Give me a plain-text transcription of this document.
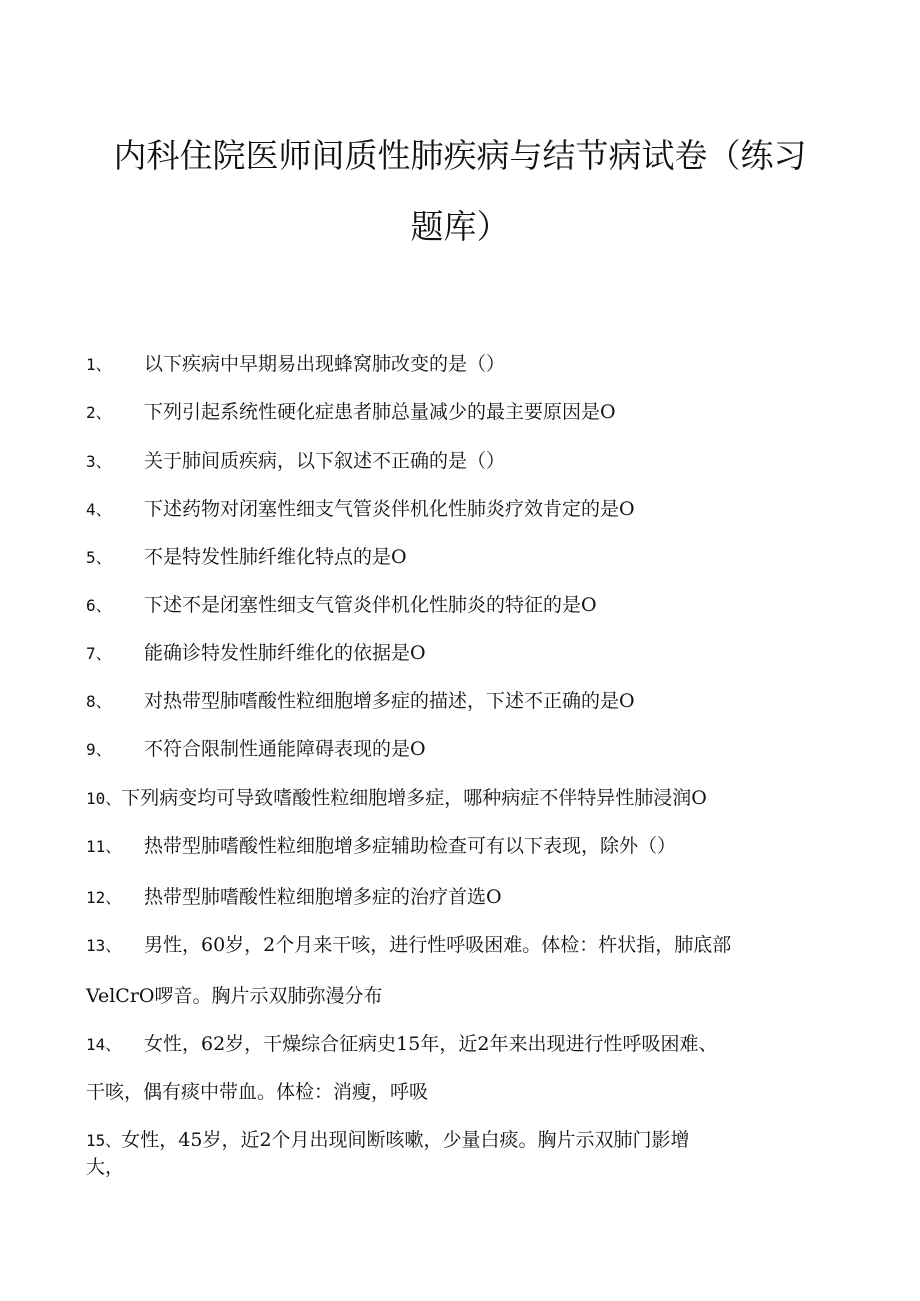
内科住院医师间质性肺疾病与结节病试卷（练习
题库）
1、 以下疾病中早期易出现蜂窝肺改变的是（）
2、 下列引起系统性硬化症患者肺总量减少的最主要原因是O
3、 关于肺间质疾病，以下叙述不正确的是（）
4、 下述药物对闭塞性细支气管炎伴机化性肺炎疗效肯定的是O
5、 不是特发性肺纤维化特点的是O
6、 下述不是闭塞性细支气管炎伴机化性肺炎的特征的是O
7、 能确诊特发性肺纤维化的依据是O
8、 对热带型肺嗜酸性粒细胞增多症的描述，下述不正确的是O
9、 不符合限制性通能障碍表现的是O
10、下列病变均可导致嗜酸性粒细胞增多症，哪种病症不伴特异性肺浸润O
11、 热带型肺嗜酸性粒细胞增多症辅助检查可有以下表现，除外（）
12、 热带型肺嗜酸性粒细胞增多症的治疗首选O
13、 男性，60岁，2个月来干咳，进行性呼吸困难。体检：杵状指，肺底部
VelCrO啰音。胸片示双肺弥漫分布
14、 女性，62岁，干燥综合征病史15年，近2年来出现进行性呼吸困难、
干咳，偶有痰中带血。体检：消瘦，呼吸
15、女性，45岁，近2个月出现间断咳嗽，少量白痰。胸片示双肺门影增
大，
